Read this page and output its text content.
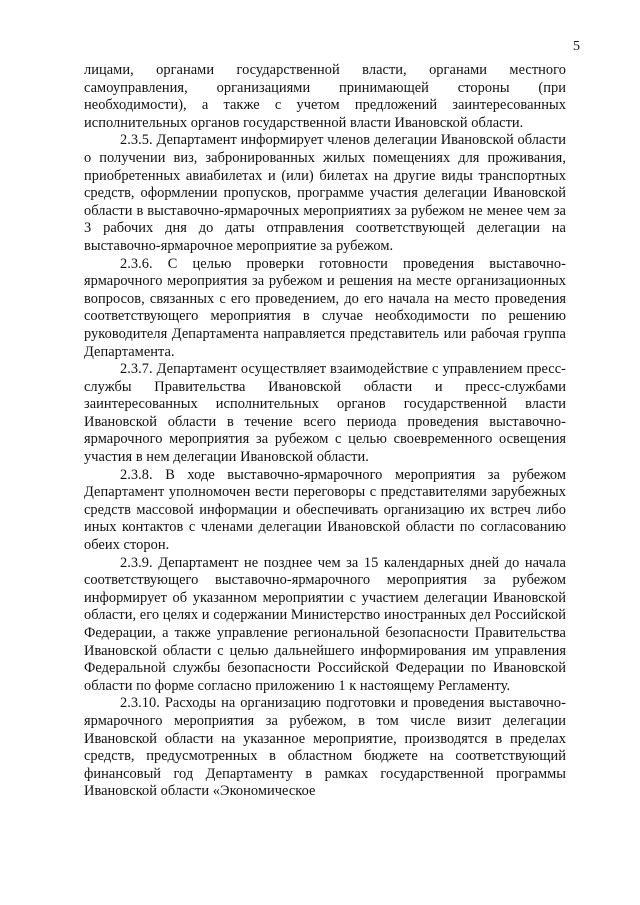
5

лицами, органами государственной власти, органами местного самоуправления, организациями принимающей стороны (при необходимости), а также с учетом предложений заинтересованных исполнительных органов государственной власти Ивановской области.

2.3.5. Департамент информирует членов делегации Ивановской области о получении виз, забронированных жилых помещениях для проживания, приобретенных авиабилетах и (или) билетах на другие виды транспортных средств, оформлении пропусков, программе участия делегации Ивановской области в выставочно-ярмарочных мероприятиях за рубежом не менее чем за 3 рабочих дня до даты отправления соответствующей делегации на выставочно-ярмарочное мероприятие за рубежом.

2.3.6. С целью проверки готовности проведения выставочно-ярмарочного мероприятия за рубежом и решения на месте организационных вопросов, связанных с его проведением, до его начала на место проведения соответствующего мероприятия в случае необходимости по решению руководителя Департамента направляется представитель или рабочая группа Департамента.

2.3.7. Департамент осуществляет взаимодействие с управлением пресс-службы Правительства Ивановской области и пресс-службами заинтересованных исполнительных органов государственной власти Ивановской области в течение всего периода проведения выставочно-ярмарочного мероприятия за рубежом с целью своевременного освещения участия в нем делегации Ивановской области.

2.3.8. В ходе выставочно-ярмарочного мероприятия за рубежом Департамент уполномочен вести переговоры с представителями зарубежных средств массовой информации и обеспечивать организацию их встреч либо иных контактов с членами делегации Ивановской области по согласованию обеих сторон.

2.3.9. Департамент не позднее чем за 15 календарных дней до начала соответствующего выставочно-ярмарочного мероприятия за рубежом информирует об указанном мероприятии с участием делегации Ивановской области, его целях и содержании Министерство иностранных дел Российской Федерации, а также управление региональной безопасности Правительства Ивановской области с целью дальнейшего информирования им управления Федеральной службы безопасности Российской Федерации по Ивановской области по форме согласно приложению 1 к настоящему Регламенту.

2.3.10. Расходы на организацию подготовки и проведения выставочно-ярмарочного мероприятия за рубежом, в том числе визит делегации Ивановской области на указанное мероприятие, производятся в пределах средств, предусмотренных в областном бюджете на соответствующий финансовый год Департаменту в рамках государственной программы Ивановской области «Экономическое
